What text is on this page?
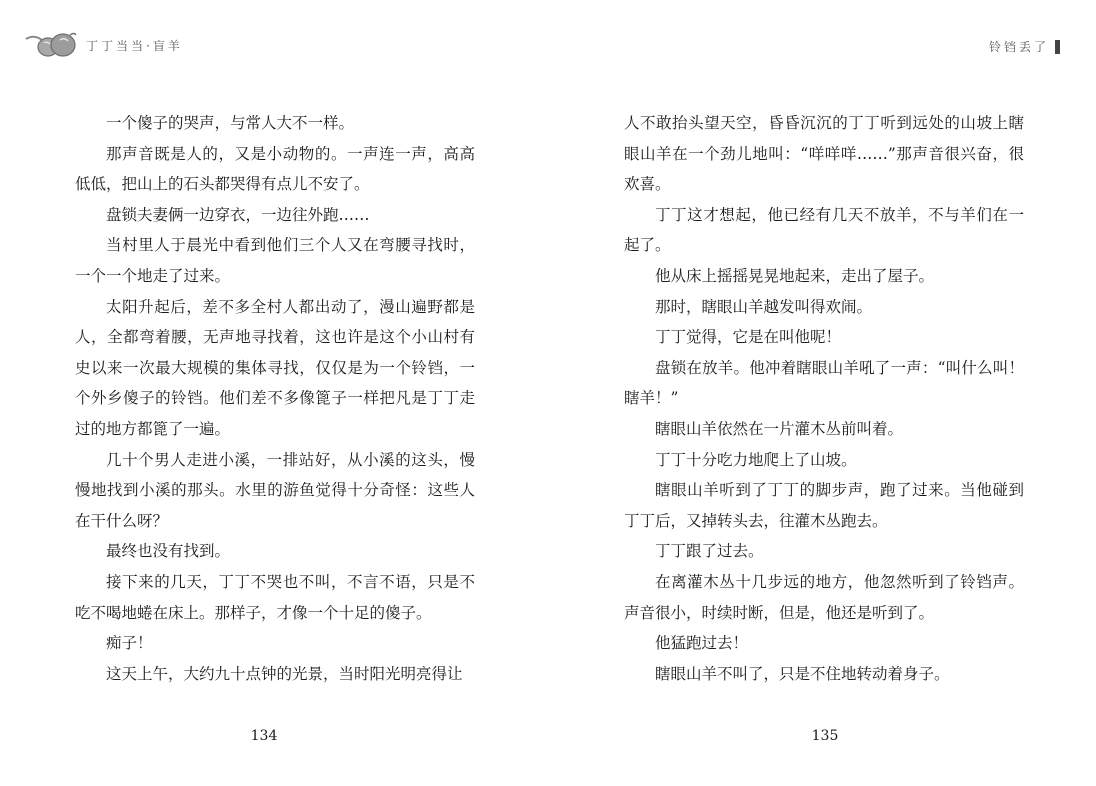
丁丁当当·盲羊	铃铛丢了

一个傻子的哭声，与常人大不一样。

那声音既是人的，又是小动物的。一声连一声，高高低低，把山上的石头都哭得有点儿不安了。

盘锁夫妻俩一边穿衣，一边往外跑……

当村里人于晨光中看到他们三个人又在弯腰寻找时，一个一个地走了过来。

太阳升起后，差不多全村人都出动了，漫山遍野都是人，全都弯着腰，无声地寻找着，这也许是这个小山村有史以来一次最大规模的集体寻找，仅仅是为一个铃铛，一个外乡傻子的铃铛。他们差不多像篦子一样把凡是丁丁走过的地方都篦了一遍。

几十个男人走进小溪，一排站好，从小溪的这头，慢慢地找到小溪的那头。水里的游鱼觉得十分奇怪：这些人在干什么呀？

最终也没有找到。

接下来的几天，丁丁不哭也不叫，不言不语，只是不吃不喝地蜷在床上。那样子，才像一个十足的傻子。

痴子！

这天上午，大约九十点钟的光景，当时阳光明亮得让

人不敢抬头望天空，昏昏沉沉的丁丁听到远处的山坡上瞎眼山羊在一个劲儿地叫：“咩咩咩……”那声音很兴奋，很欢喜。

丁丁这才想起，他已经有几天不放羊，不与羊们在一起了。

他从床上摇摇晃晃地起来，走出了屋子。

那时，瞎眼山羊越发叫得欢闹。

丁丁觉得，它是在叫他呢！

盘锁在放羊。他冲着瞎眼山羊吼了一声：“叫什么叫！瞎羊！”

瞎眼山羊依然在一片灌木丛前叫着。

丁丁十分吃力地爬上了山坡。

瞎眼山羊听到了丁丁的脚步声，跑了过来。当他碰到丁丁后，又掉转头去，往灌木丛跑去。

丁丁跟了过去。

在离灌木丛十几步远的地方，他忽然听到了铃铛声。声音很小，时续时断，但是，他还是听到了。

他猛跑过去！

瞎眼山羊不叫了，只是不住地转动着身子。

134	135
